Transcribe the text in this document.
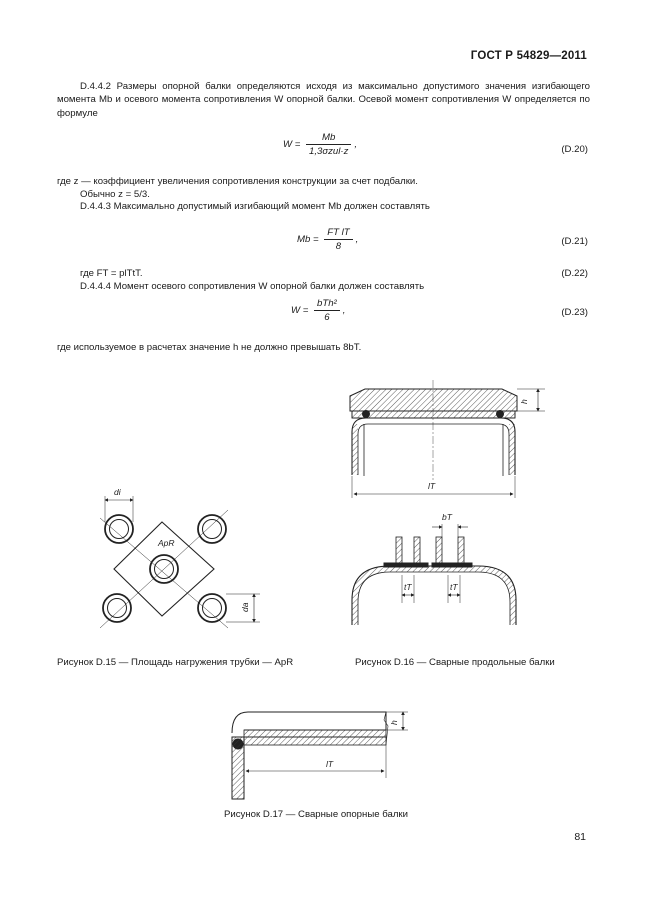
ГОСТ Р 54829—2011
D.4.4.2 Размеры опорной балки определяются исходя из максимально допустимого значения изгибающего момента Mb и осевого момента сопротивления W опорной балки. Осевой момент сопротивления W определяется по формуле
$W = \frac{Mb}{\text{1,3σzul·z}}$ ,	(D.20)
где z — коэффициент увеличения сопротивления конструкции за счет подбалки.
Обычно z = 5/3.
D.4.4.3 Максимально допустимый изгибающий момент Mb должен составлять
$Mb = \frac{\text{FT lT}}{8}$ ,	(D.21)
где FT = plTtT.	(D.22)
D.4.4.4 Момент осевого сопротивления W опорной балки должен составлять
$W = \frac{\text{bTh²}}{6}$ ,	(D.23)
где используемое в расчетах значение h не должно превышать 8bT.
di
ApR
da
h
lT
bT
tT	tT
h
lT
Рисунок D.15 — Площадь нагружения трубки — ApR	Рисунок D.16 — Сварные продольные балки
Рисунок D.17 — Сварные опорные балки
81
